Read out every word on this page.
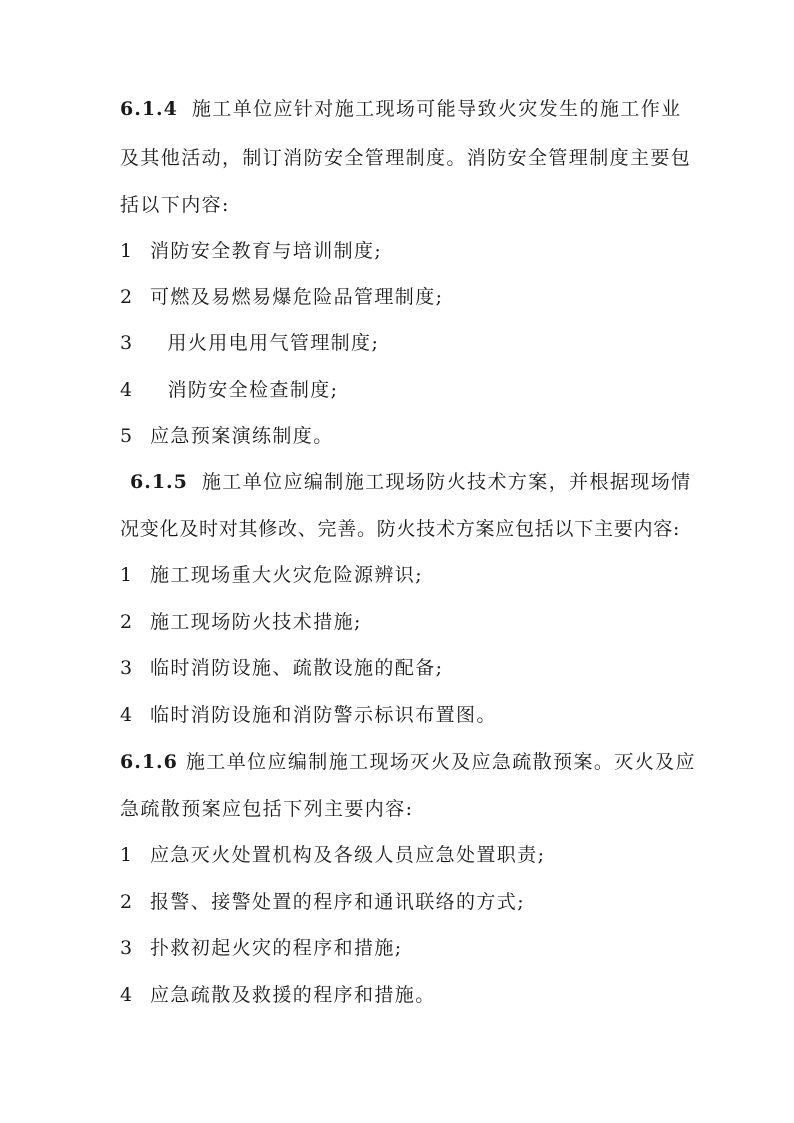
6.1.4 施工单位应针对施工现场可能导致火灾发生的施工作业
及其他活动，制订消防安全管理制度。消防安全管理制度主要包
括以下内容:
1 消防安全教育与培训制度;
2 可燃及易燃易爆危险品管理制度;
3 用火用电用气管理制度;
4 消防安全检查制度;
5 应急预案演练制度。
6.1.5 施工单位应编制施工现场防火技术方案，并根据现场情
况变化及时对其修改、完善。防火技术方案应包括以下主要内容:
1 施工现场重大火灾危险源辨识;
2 施工现场防火技术措施;
3 临时消防设施、疏散设施的配备;
4 临时消防设施和消防警示标识布置图。
6.1.6 施工单位应编制施工现场灭火及应急疏散预案。灭火及应
急疏散预案应包括下列主要内容:
1 应急灭火处置机构及各级人员应急处置职责;
2 报警、接警处置的程序和通讯联络的方式;
3 扑救初起火灾的程序和措施;
4 应急疏散及救援的程序和措施。
